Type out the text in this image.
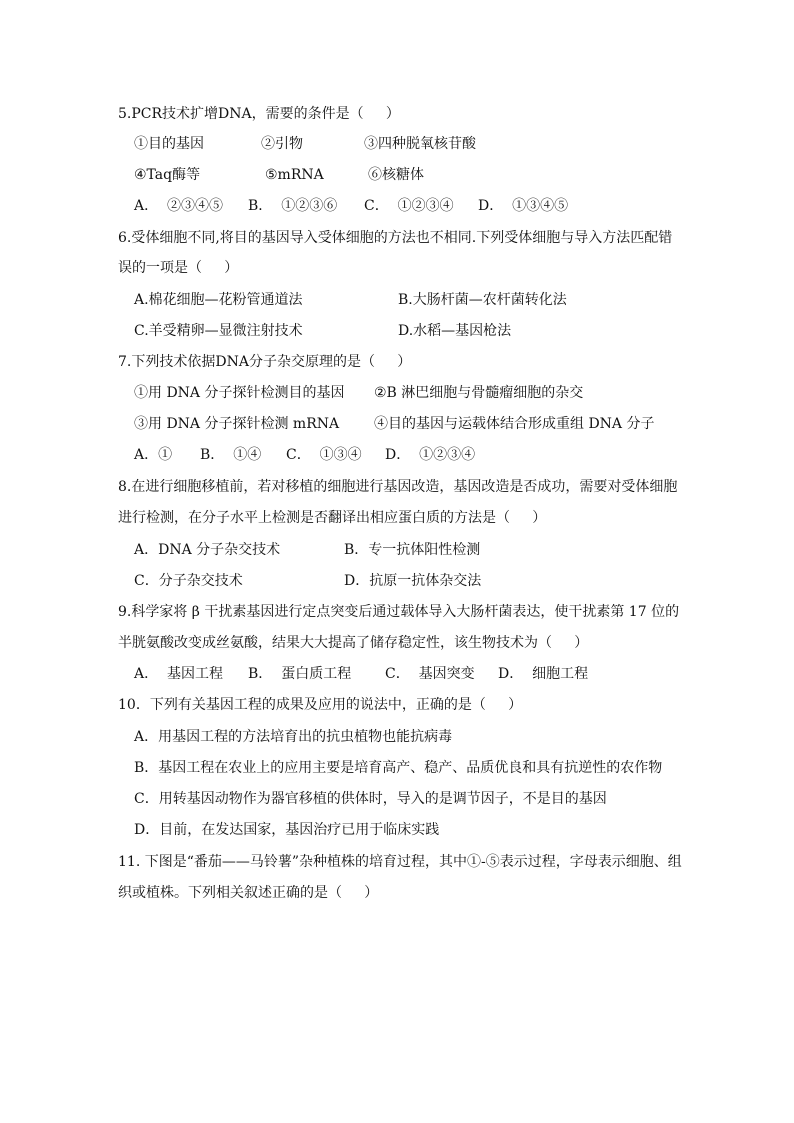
5.PCR技术扩增DNA，需要的条件是（     ）
①目的基因	②引物	③四种脱氧核苷酸
④Taq酶等	⑤mRNA	⑥核糖体
A．  ②③④⑤ B．  ①②③⑥ C．  ①②③④ D．  ①③④⑤
6.受体细胞不同,将目的基因导入受体细胞的方法也不相同.下列受体细胞与导入方法匹配错
误的一项是（     ）
A.棉花细胞—花粉管通道法	B.大肠杆菌—农杆菌转化法
C.羊受精卵—显微注射技术	D.水稻—基因枪法
7.下列技术依据DNA分子杂交原理的是（     ）
①用 DNA 分子探针检测目的基因 ②B 淋巴细胞与骨髓瘤细胞的杂交
③用 DNA 分子探针检测 mRNA ④目的基因与运载体结合形成重组 DNA 分子
A．① B．  ①④ C．  ①③④ D．  ①②③④
8.在进行细胞移植前，若对移植的细胞进行基因改造，基因改造是否成功，需要对受体细胞
进行检测，在分子水平上检测是否翻译出相应蛋白质的方法是（     ）
A．DNA 分子杂交技术	B．专一抗体阳性检测
C．分子杂交技术	D．抗原一抗体杂交法
9.科学家将 β 干扰素基因进行定点突变后通过载体导入大肠杆菌表达，使干扰素第 17 位的
半胱氨酸改变成丝氨酸，结果大大提高了储存稳定性，该生物技术为（     ）
A．  基因工程 B．  蛋白质工程 C．  基因突变 D．  细胞工程
10．下列有关基因工程的成果及应用的说法中，正确的是（     ）
A．用基因工程的方法培育出的抗虫植物也能抗病毒
B．基因工程在农业上的应用主要是培育高产、稳产、品质优良和具有抗逆性的农作物
C．用转基因动物作为器官移植的供体时，导入的是调节因子，不是目的基因
D．目前，在发达国家，基因治疗已用于临床实践
11. 下图是“番茄——马铃薯”杂种植株的培育过程，其中①-⑤表示过程，字母表示细胞、组
织或植株。下列相关叙述正确的是（     ）
